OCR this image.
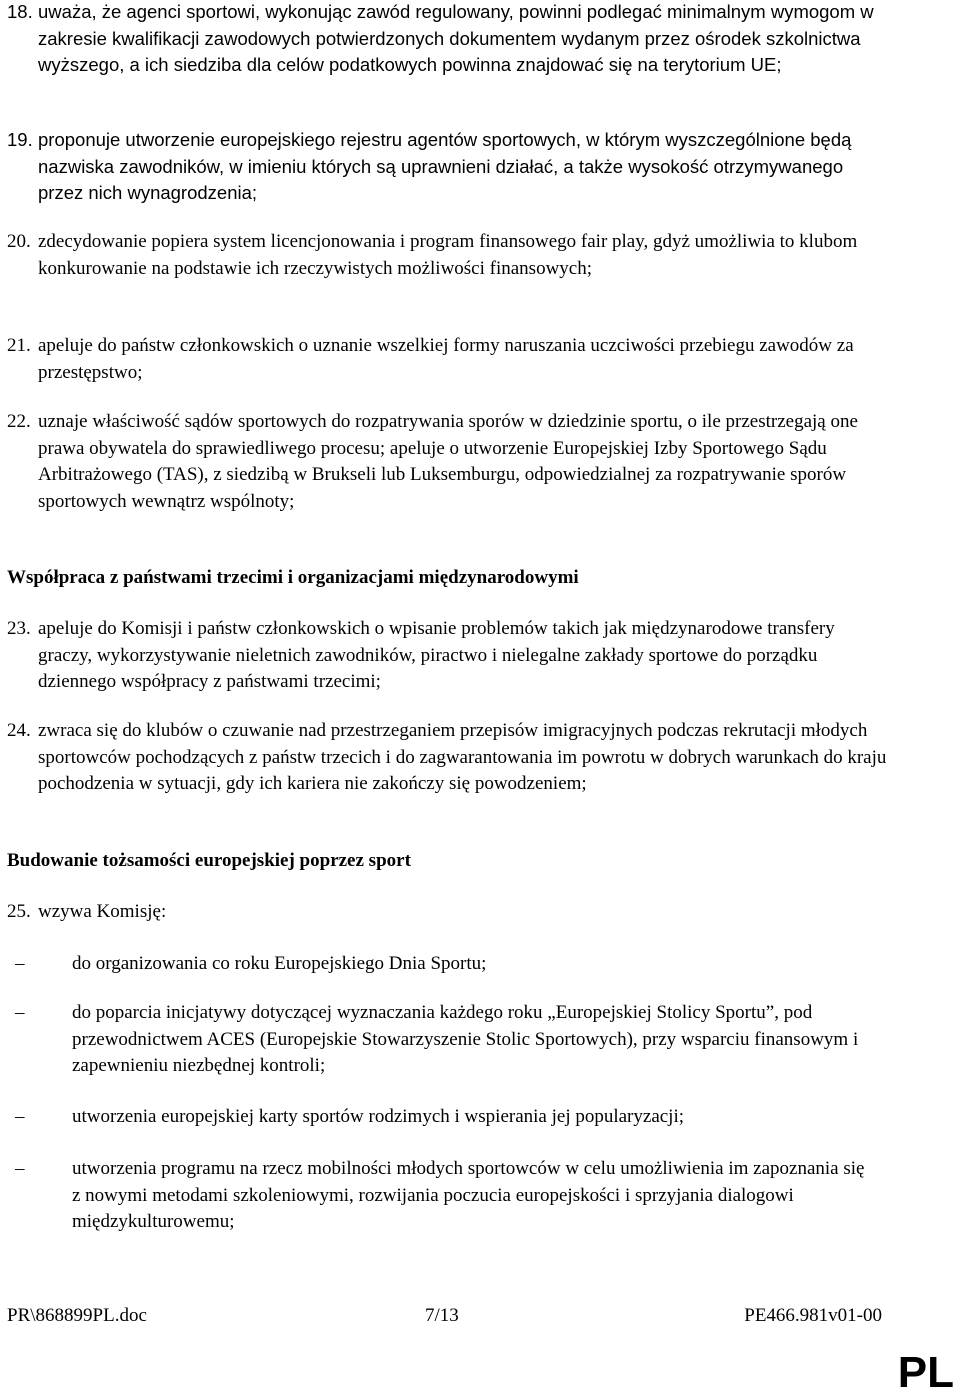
18. uważa, że agenci sportowi, wykonując zawód regulowany, powinni podlegać minimalnym wymogom w zakresie kwalifikacji zawodowych potwierdzonych dokumentem wydanym przez ośrodek szkolnictwa wyższego, a ich siedziba dla celów podatkowych powinna znajdować się na terytorium UE;
19. proponuje utworzenie europejskiego rejestru agentów sportowych, w którym wyszczególnione będą nazwiska zawodników, w imieniu których są uprawnieni działać, a także wysokość otrzymywanego przez nich wynagrodzenia;
20. zdecydowanie popiera system licencjonowania i program finansowego fair play, gdyż umożliwia to klubom konkurowanie na podstawie ich rzeczywistych możliwości finansowych;
21. apeluje do państw członkowskich o uznanie wszelkiej formy naruszania uczciwości przebiegu zawodów za przestępstwo;
22. uznaje właściwość sądów sportowych do rozpatrywania sporów w dziedzinie sportu, o ile przestrzegają one prawa obywatela do sprawiedliwego procesu; apeluje o utworzenie Europejskiej Izby Sportowego Sądu Arbitrażowego (TAS), z siedzibą w Brukseli lub Luksemburgu, odpowiedzialnej za rozpatrywanie sporów sportowych wewnątrz wspólnoty;
Współpraca z państwami trzecimi i organizacjami międzynarodowymi
23. apeluje do Komisji i państw członkowskich o wpisanie problemów takich jak międzynarodowe transfery graczy, wykorzystywanie nieletnich zawodników, piractwo i nielegalne zakłady sportowe do porządku dziennego współpracy z państwami trzecimi;
24. zwraca się do klubów o czuwanie nad przestrzeganiem przepisów imigracyjnych podczas rekrutacji młodych sportowców pochodzących z państw trzecich i do zagwarantowania im powrotu w dobrych warunkach do kraju pochodzenia w sytuacji, gdy ich kariera nie zakończy się powodzeniem;
Budowanie tożsamości europejskiej poprzez sport
25. wzywa Komisję:
–	do organizowania co roku Europejskiego Dnia Sportu;
–	do poparcia inicjatywy dotyczącej wyznaczania każdego roku „Europejskiej Stolicy Sportu”, pod przewodnictwem ACES (Europejskie Stowarzyszenie Stolic Sportowych), przy wsparciu finansowym i zapewnieniu niezbędnej kontroli;
–	utworzenia europejskiej karty sportów rodzimych i wspierania jej popularyzacji;
–	utworzenia programu na rzecz mobilności młodych sportowców w celu umożliwienia im zapoznania się z nowymi metodami szkoleniowymi, rozwijania poczucia europejskości i sprzyjania dialogowi międzykulturowemu;
PR\868899PL.doc	7/13	PE466.981v01-00
PL
